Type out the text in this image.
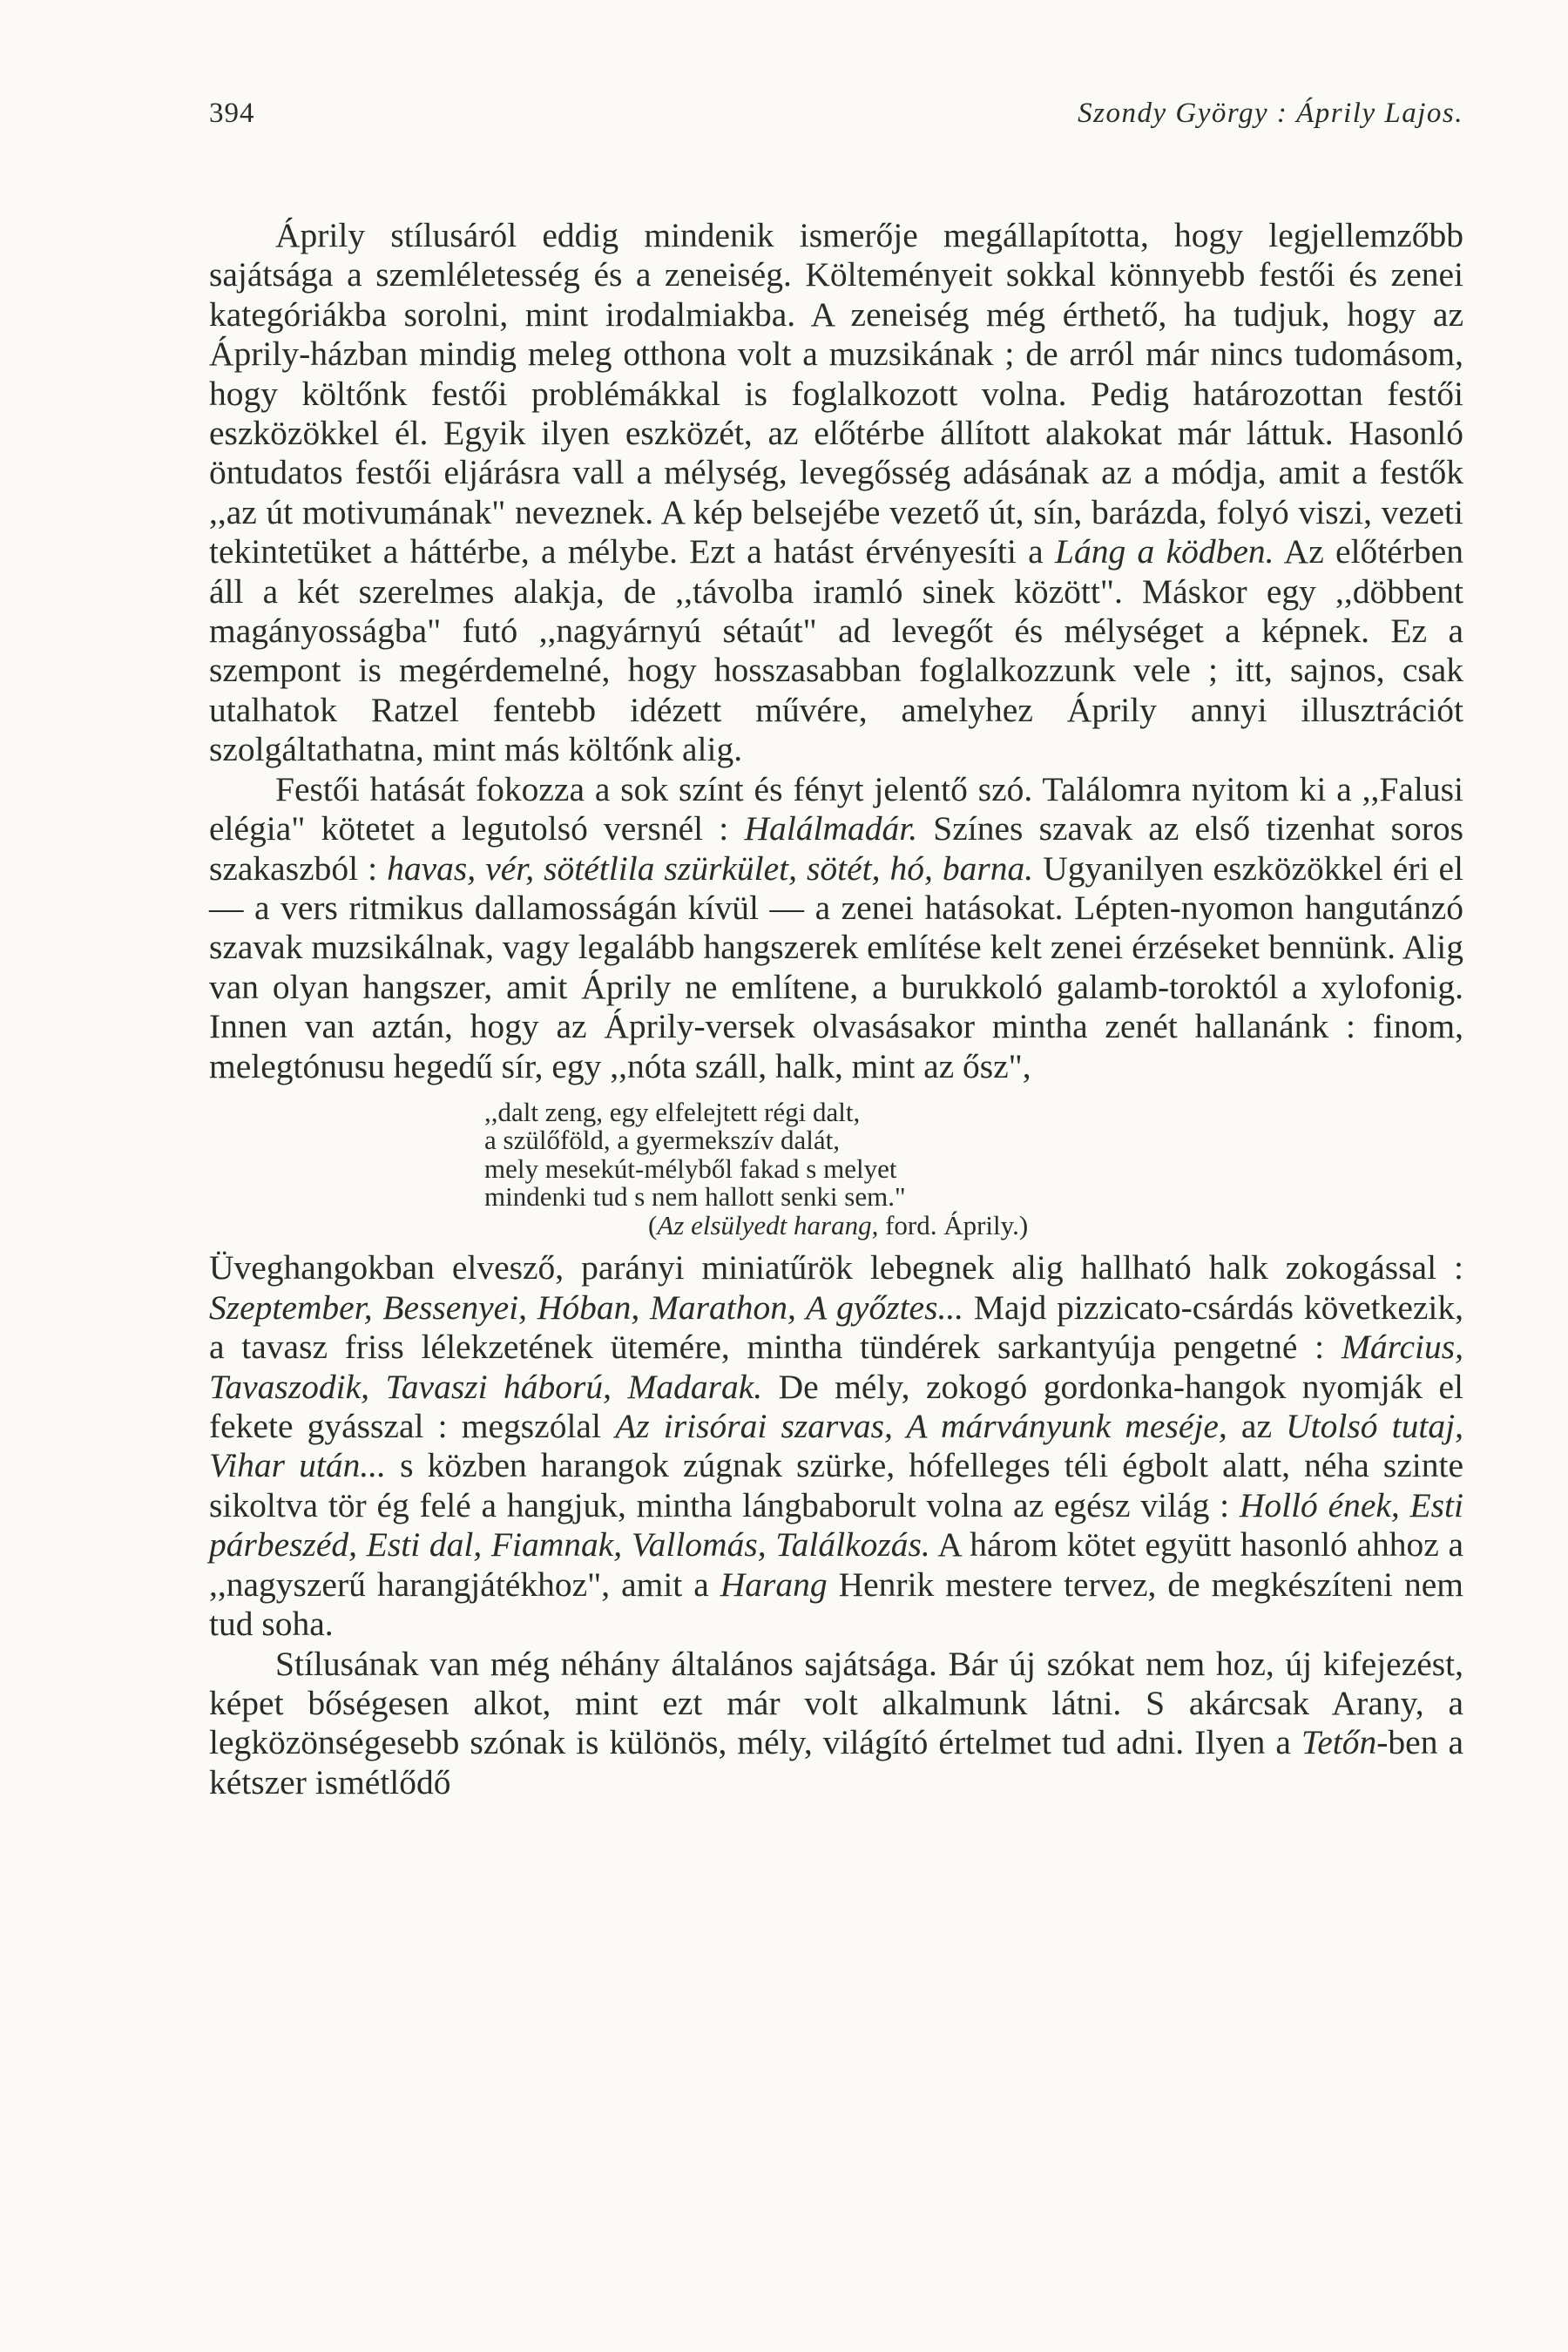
394	Szondy György : Áprily Lajos.

Áprily stílusáról eddig mindenik ismerője megállapította, hogy legjellemzőbb sajátsága a szemléletesség és a zeneiség. Költeményeit sokkal könnyebb festői és zenei kategóriákba sorolni, mint irodalmiakba. A zeneiség még érthető, ha tudjuk, hogy az Áprily-házban mindig meleg otthona volt a muzsikának ; de arról már nincs tudomásom, hogy költőnk festői problémákkal is foglalkozott volna. Pedig határozottan festői eszközökkel él. Egyik ilyen eszközét, az előtérbe állított alakokat már láttuk. Hasonló öntudatos festői eljárásra vall a mélység, levegősség adásának az a módja, amit a festők ,,az út motivumának" neveznek. A kép belsejébe vezető út, sín, barázda, folyó viszi, vezeti tekintetüket a háttérbe, a mélybe. Ezt a hatást érvényesíti a Láng a ködben. Az előtérben áll a két szerelmes alakja, de ,,távolba iramló sinek között". Máskor egy ,,döbbent magányosságba" futó ,,nagyárnyú sétaút" ad levegőt és mélységet a képnek. Ez a szempont is megérdemelné, hogy hosszasabban foglalkozzunk vele ; itt, sajnos, csak utalhatok Ratzel fentebb idézett művére, amelyhez Áprily annyi illusztrációt szolgáltathatna, mint más költőnk alig.

Festői hatását fokozza a sok színt és fényt jelentő szó. Találomra nyitom ki a ,,Falusi elégia" kötetet a legutolsó versnél : Halálmadár. Színes szavak az első tizenhat soros szakaszból : havas, vér, sötétlila szürkület, sötét, hó, barna. Ugyanilyen eszközökkel éri el — a vers ritmikus dallamosságán kívül — a zenei hatásokat. Lépten-nyomon hangutánzó szavak muzsikálnak, vagy legalább hangszerek említése kelt zenei érzéseket bennünk. Alig van olyan hangszer, amit Áprily ne említene, a burukkoló galamb-toroktól a xylofonig. Innen van aztán, hogy az Áprily-versek olvasásakor mintha zenét hallanánk : finom, melegtónusu hegedű sír, egy ,,nóta száll, halk, mint az ősz",

,,dalt zeng, egy elfelejtett régi dalt,
a szülőföld, a gyermekszív dalát,
mely mesekút-mélyből fakad s melyet
mindenki tud s nem hallott senki sem."
(Az elsülyedt harang, ford. Áprily.)

Üveghangokban elvesző, parányi miniatűrök lebegnek alig hallható halk zokogással : Szeptember, Bessenyei, Hóban, Marathon, A győztes... Majd pizzicato-csárdás következik, a tavasz friss lélekzetének ütemére, mintha tündérek sarkantyúja pengetné : Március, Tavaszodik, Tavaszi háború, Madarak. De mély, zokogó gordonka-hangok nyomják el fekete gyásszal : megszólal Az irisórai szarvas, A márványunk meséje, az Utolsó tutaj, Vihar után... s közben harangok zúgnak szürke, hófelleges téli égbolt alatt, néha szinte sikoltva tör ég felé a hangjuk, mintha lángbaborult volna az egész világ : Holló ének, Esti párbeszéd, Esti dal, Fiamnak, Vallomás, Találkozás. A három kötet együtt hasonló ahhoz a ,,nagyszerű harangjátékhoz", amit a Harang Henrik mestere tervez, de megkészíteni nem tud soha.

Stílusának van még néhány általános sajátsága. Bár új szókat nem hoz, új kifejezést, képet bőségesen alkot, mint ezt már volt alkalmunk látni. S akárcsak Arany, a legközönségesebb szónak is különös, mély, világító értelmet tud adni. Ilyen a Tetőn-ben a kétszer ismétlődő
